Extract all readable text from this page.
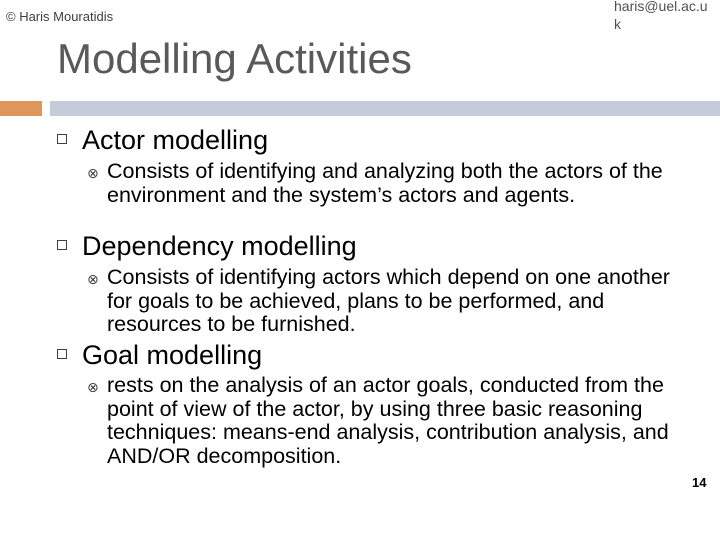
© Haris Mouratidis
haris@uel.ac.uk
Modelling Activities
Actor modelling
⊗ Consists of identifying and analyzing both the actors of the environment and the system’s actors and agents.
Dependency modelling
⊗ Consists of identifying actors which depend on one another for goals to be achieved, plans to be performed, and resources to be furnished.
Goal modelling
⊗ rests on the analysis of an actor goals, conducted from the point of view of the actor, by using three basic reasoning techniques: means-end analysis, contribution analysis, and AND/OR decomposition.
14
